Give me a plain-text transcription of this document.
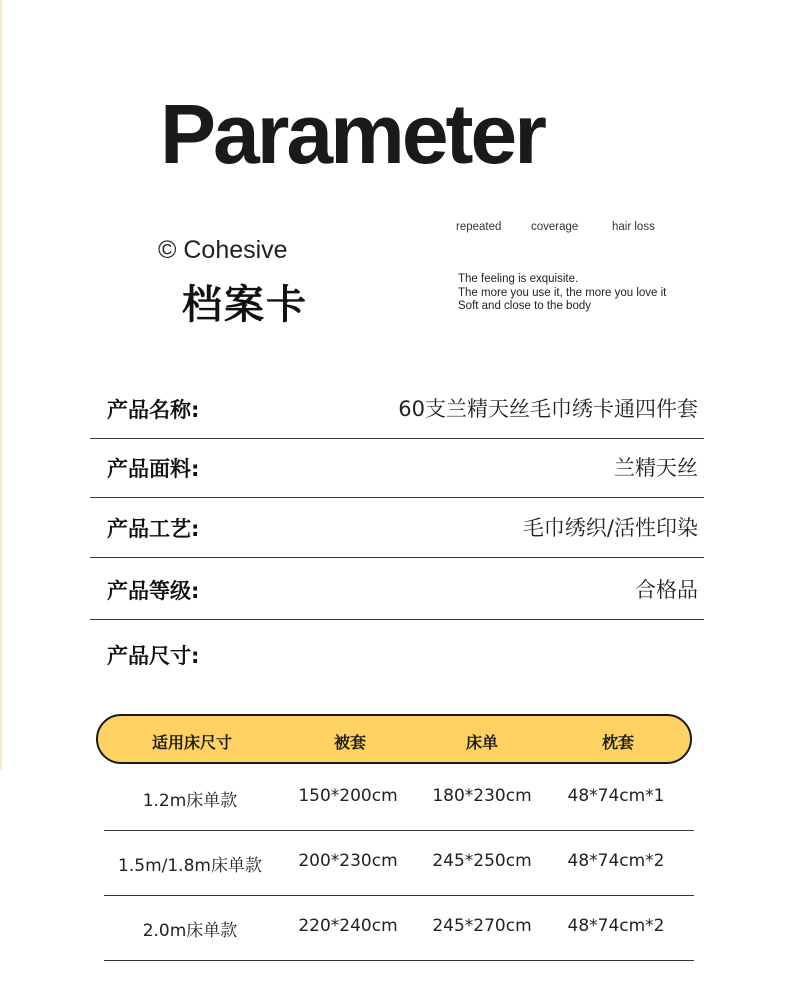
Parameter
© Cohesive
档案卡
repeated	coverage	hair loss
The feeling is exquisite.
The more you use it, the more you love it
Soft and close to the body
产品名称:	60支兰精天丝毛巾绣卡通四件套
产品面料:	兰精天丝
产品工艺:	毛巾绣织/活性印染
产品等级:	合格品
产品尺寸:
适用床尺寸	被套	床单	枕套
1.2m床单款	150*200cm 180*230cm 48*74cm*1
1.5m/1.8m床单款 200*230cm 245*250cm 48*74cm*2
2.0m床单款	220*240cm 245*270cm 48*74cm*2
